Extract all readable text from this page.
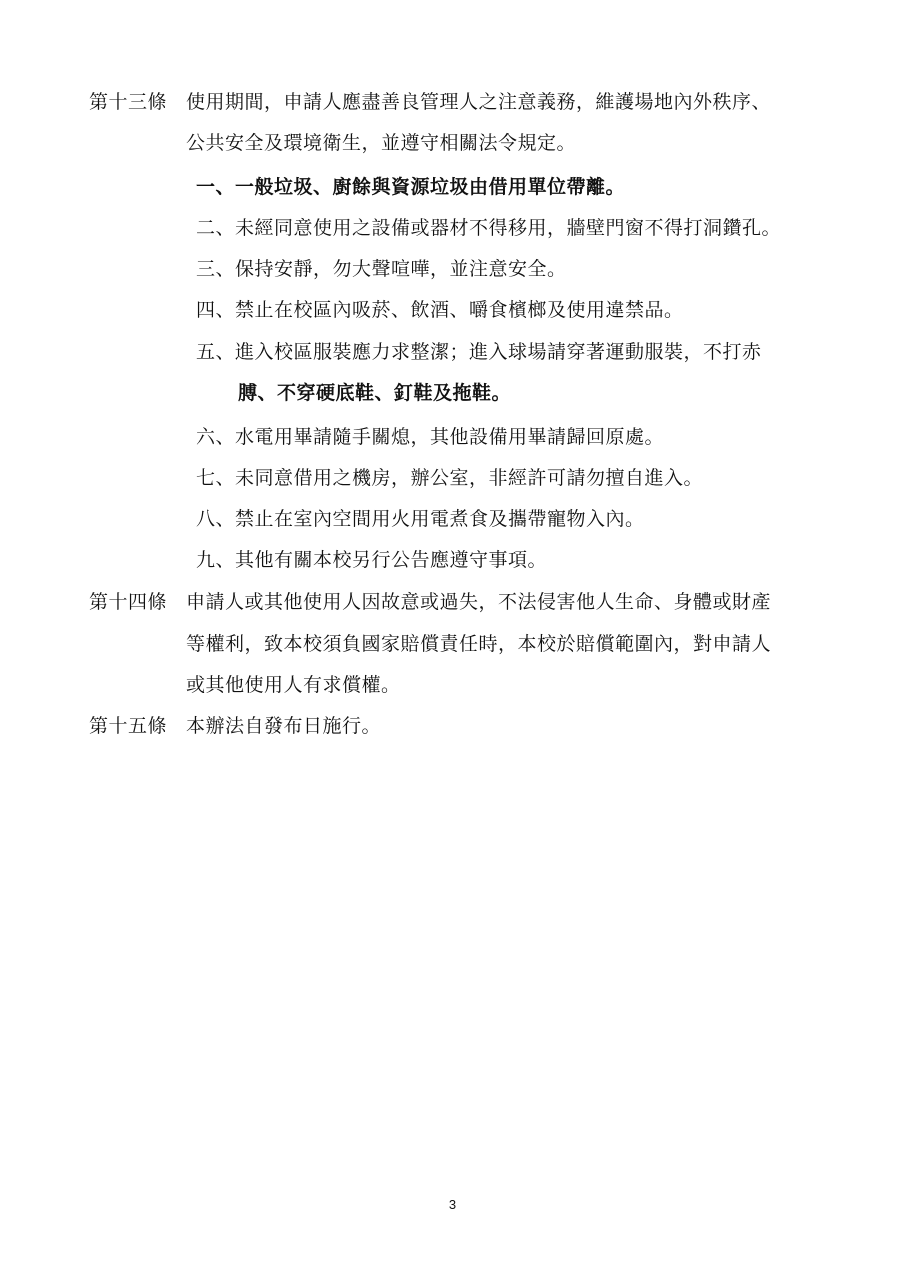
第十三條 使用期間，申請人應盡善良管理人之注意義務，維護場地內外秩序、
公共安全及環境衛生，並遵守相關法令規定。
一、一般垃圾、廚餘與資源垃圾由借用單位帶離。
二、未經同意使用之設備或器材不得移用，牆壁門窗不得打洞鑽孔。
三、保持安靜，勿大聲喧嘩，並注意安全。
四、禁止在校區內吸菸、飲酒、嚼食檳榔及使用違禁品。
五、進入校區服裝應力求整潔；進入球場請穿著運動服裝，不打赤
膊、不穿硬底鞋、釘鞋及拖鞋。
六、水電用畢請隨手關熄，其他設備用畢請歸回原處。
七、未同意借用之機房，辦公室，非經許可請勿擅自進入。
八、禁止在室內空間用火用電煮食及攜帶寵物入內。
九、其他有關本校另行公告應遵守事項。
第十四條 申請人或其他使用人因故意或過失，不法侵害他人生命、身體或財產
等權利，致本校須負國家賠償責任時，本校於賠償範圍內，對申請人
或其他使用人有求償權。
第十五條 本辦法自發布日施行。
3
